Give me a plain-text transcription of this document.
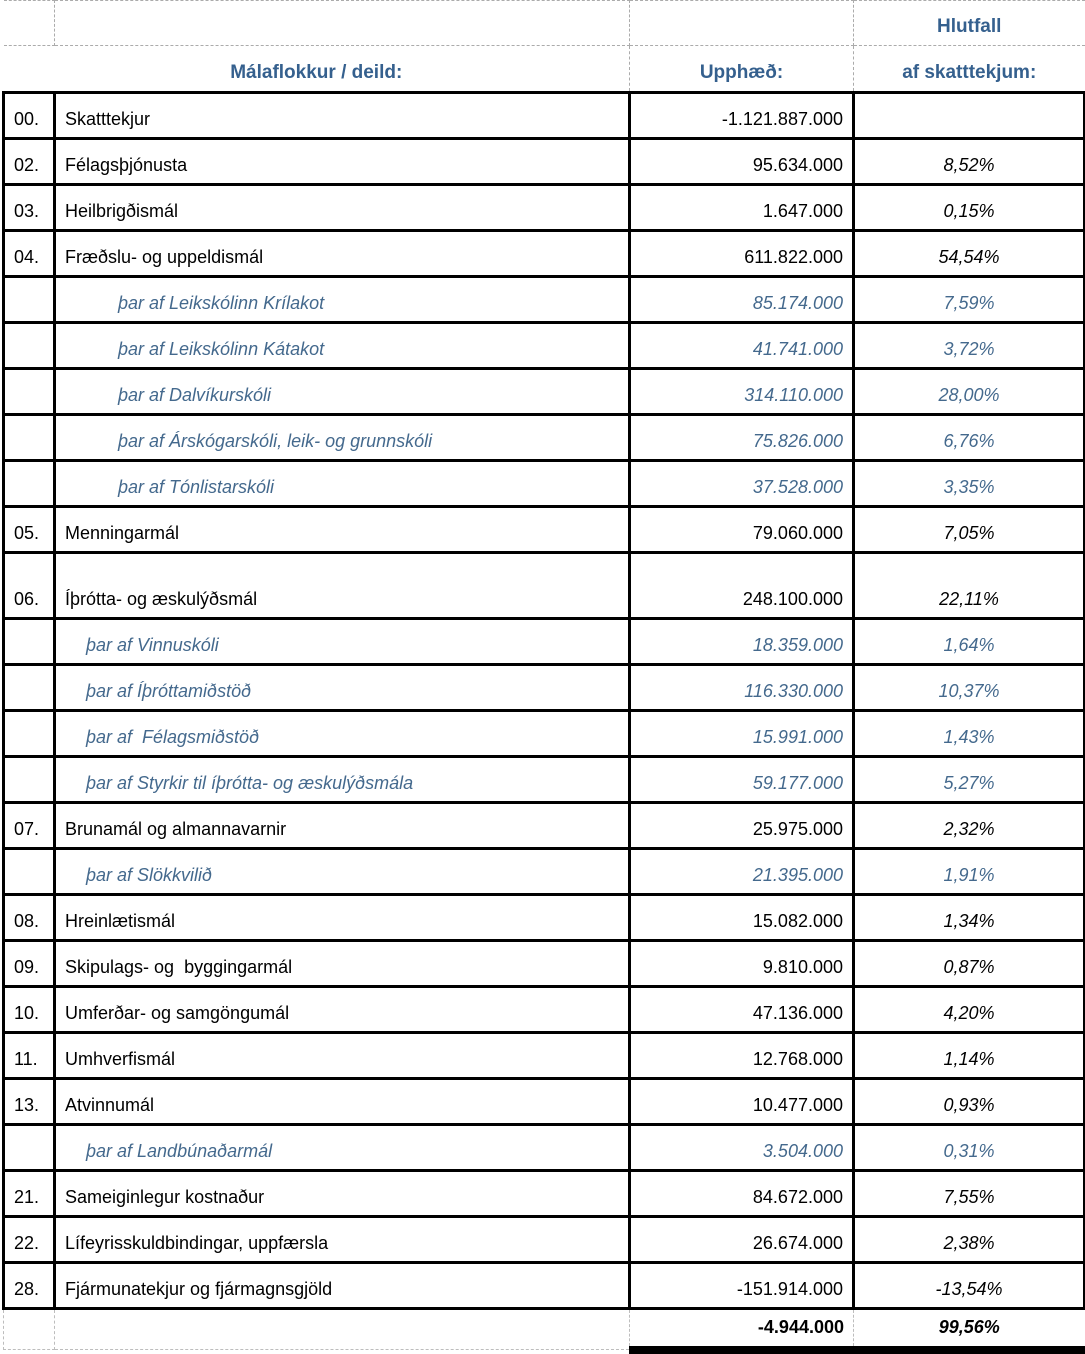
			Hlutfall
Málaflokkur / deild:		Upphæð:	af skatttekjum:
00.	Skatttekjur	-1.121.887.000	
02.	Félagsþjónusta	95.634.000	8,52%
03.	Heilbrigðismál	1.647.000	0,15%
04.	Fræðslu- og uppeldismál	611.822.000	54,54%
	þar af Leikskólinn Krílakot	85.174.000	7,59%
	þar af Leikskólinn Kátakot	41.741.000	3,72%
	þar af Dalvíkurskóli	314.110.000	28,00%
	þar af Árskógarskóli, leik- og grunnskóli	75.826.000	6,76%
	þar af Tónlistarskóli	37.528.000	3,35%
05.	Menningarmál	79.060.000	7,05%
06.	Íþrótta- og æskulýðsmál	248.100.000	22,11%
	þar af Vinnuskóli	18.359.000	1,64%
	þar af Íþróttamiðstöð	116.330.000	10,37%
	þar af  Félagsmiðstöð	15.991.000	1,43%
	þar af Styrkir til íþrótta- og æskulýðsmála	59.177.000	5,27%
07.	Brunamál og almannavarnir	25.975.000	2,32%
	þar af Slökkvilið	21.395.000	1,91%
08.	Hreinlætismál	15.082.000	1,34%
09.	Skipulags- og  byggingarmál	9.810.000	0,87%
10.	Umferðar- og samgöngumál	47.136.000	4,20%
11.	Umhverfismál	12.768.000	1,14%
13.	Atvinnumál	10.477.000	0,93%
	þar af Landbúnaðarmál	3.504.000	0,31%
21.	Sameiginlegur kostnaður	84.672.000	7,55%
22.	Lífeyrisskuldbindingar, uppfærsla	26.674.000	2,38%
28.	Fjármunatekjur og fjármagnsgjöld	-151.914.000	-13,54%
		-4.944.000	99,56%
